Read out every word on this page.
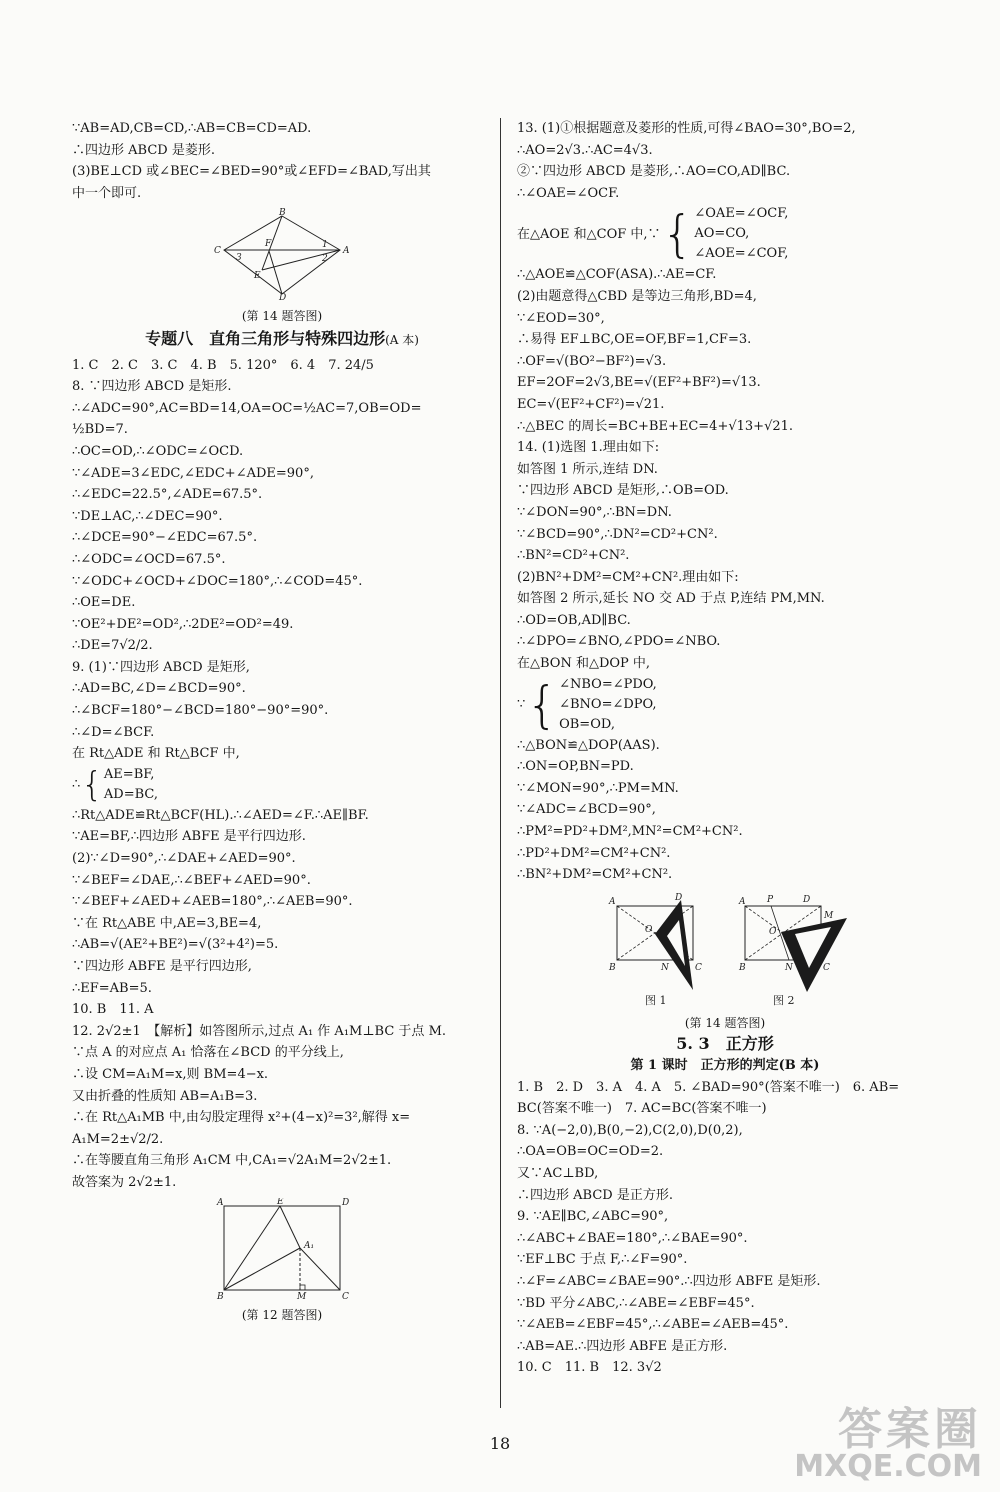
∵AB=AD,CB=CD,∴AB=CB=CD=AD.
∴四边形 ABCD 是菱形.
(3)BE⊥CD 或∠BEC=∠BED=90°或∠EFD=∠BAD,写出其
中一个即可.
B
C
F
3
1
2
A
E
D
(第 14 题答图)
专题八　直角三角形与特殊四边形(A 本)
1. C　2. C　3. C　4. B　5. 120°　6. 4　7. 24/5
8. ∵四边形 ABCD 是矩形.
∴∠ADC=90°,AC=BD=14,OA=OC=½AC=7,OB=OD=
½BD=7.
∴OC=OD,∴∠ODC=∠OCD.
∵∠ADE=3∠EDC,∠EDC+∠ADE=90°,
∴∠EDC=22.5°,∠ADE=67.5°.
∵DE⊥AC,∴∠DEC=90°.
∴∠DCE=90°−∠EDC=67.5°.
∴∠ODC=∠OCD=67.5°.
∵∠ODC+∠OCD+∠DOC=180°,∴∠COD=45°.
∴OE=DE.
∵OE²+DE²=OD²,∴2DE²=OD²=49.
∴DE=7√2/2.
9. (1)∵四边形 ABCD 是矩形,
∴AD=BC,∠D=∠BCD=90°.
∴∠BCF=180°−∠BCD=180°−90°=90°.
∴∠D=∠BCF.
在 Rt△ADE 和 Rt△BCF 中,
∴ { AE=BF,
AD=BC,
∴Rt△ADE≌Rt△BCF(HL).∴∠AED=∠F.∴AE∥BF.
∵AE=BF,∴四边形 ABFE 是平行四边形.
(2)∵∠D=90°,∴∠DAE+∠AED=90°.
∵∠BEF=∠DAE,∴∠BEF+∠AED=90°.
∵∠BEF+∠AED+∠AEB=180°,∴∠AEB=90°.
∵在 Rt△ABE 中,AE=3,BE=4,
∴AB=√(AE²+BE²)=√(3²+4²)=5.
∵四边形 ABFE 是平行四边形,
∴EF=AB=5.
10. B　11. A
12. 2√2±1　【解析】如答图所示,过点 A₁ 作 A₁M⊥BC 于点 M.
∵点 A 的对应点 A₁ 恰落在∠BCD 的平分线上,
∴设 CM=A₁M=x,则 BM=4−x.
又由折叠的性质知 AB=A₁B=3.
∴在 Rt△A₁MB 中,由勾股定理得 x²+(4−x)²=3²,解得 x=
A₁M=2±√2/2.
∴在等腰直角三角形 A₁CM 中,CA₁=√2A₁M=2√2±1.
故答案为 2√2±1.
A	E	D
A₁
B	M	C
(第 12 题答图)
13. (1)①根据题意及菱形的性质,可得∠BAO=30°,BO=2,
∴AO=2√3.∴AC=4√3.
②∵四边形 ABCD 是菱形,∴AO=CO,AD∥BC.
∴∠OAE=∠OCF.
在△AOE 和△COF 中,∵ { ∠OAE=∠OCF,
AO=CO,
∠AOE=∠COF,
∴△AOE≌△COF(ASA).∴AE=CF.
(2)由题意得△CBD 是等边三角形,BD=4,
∵∠EOD=30°,
∴易得 EF⊥BC,OE=OF,BF=1,CF=3.
∴OF=√(BO²−BF²)=√3.
EF=2OF=2√3,BE=√(EF²+BF²)=√13.
EC=√(EF²+CF²)=√21.
∴△BEC 的周长=BC+BE+EC=4+√13+√21.
14. (1)选图 1.理由如下:
如答图 1 所示,连结 DN.
∵四边形 ABCD 是矩形,∴OB=OD.
∵∠DON=90°,∴BN=DN.
∵∠BCD=90°,∴DN²=CD²+CN².
∴BN²=CD²+CN².
(2)BN²+DM²=CM²+CN².理由如下:
如答图 2 所示,延长 NO 交 AD 于点 P,连结 PM,MN.
∴OD=OB,AD∥BC.
∴∠DPO=∠BNO,∠PDO=∠NBO.
在△BON 和△DOP 中,
∵ { ∠NBO=∠PDO,
∠BNO=∠DPO,
OB=OD,
∴△BON≌△DOP(AAS).
∴ON=OP,BN=PD.
∵∠MON=90°,∴PM=MN.
∵∠ADC=∠BCD=90°,
∴PM²=PD²+DM²,MN²=CM²+CN².
∴PD²+DM²=CM²+CN².
∴BN²+DM²=CM²+CN².
A	D
O
B	N	C
A P	D
M
O
B	N	C
图 1	图 2
(第 14 题答图)
5. 3　正方形
第 1 课时　正方形的判定(B 本)
1. B　2. D　3. A　4. A　5. ∠BAD=90°(答案不唯一)　6. AB=
BC(答案不唯一)　7. AC=BC(答案不唯一)
8. ∵A(−2,0),B(0,−2),C(2,0),D(0,2),
∴OA=OB=OC=OD=2.
又∵AC⊥BD,
∴四边形 ABCD 是正方形.
9. ∵AE∥BC,∠ABC=90°,
∴∠ABC+∠BAE=180°,∴∠BAE=90°.
∵EF⊥BC 于点 F,∴∠F=90°.
∴∠F=∠ABC=∠BAE=90°.∴四边形 ABFE 是矩形.
∵BD 平分∠ABC,∴∠ABE=∠EBF=45°.
∵∠AEB=∠EBF=45°,∴∠ABE=∠AEB=45°.
∴AB=AE.∴四边形 ABFE 是正方形.
10. C　11. B　12. 3√2
18	答案圈
MXQE.COM
